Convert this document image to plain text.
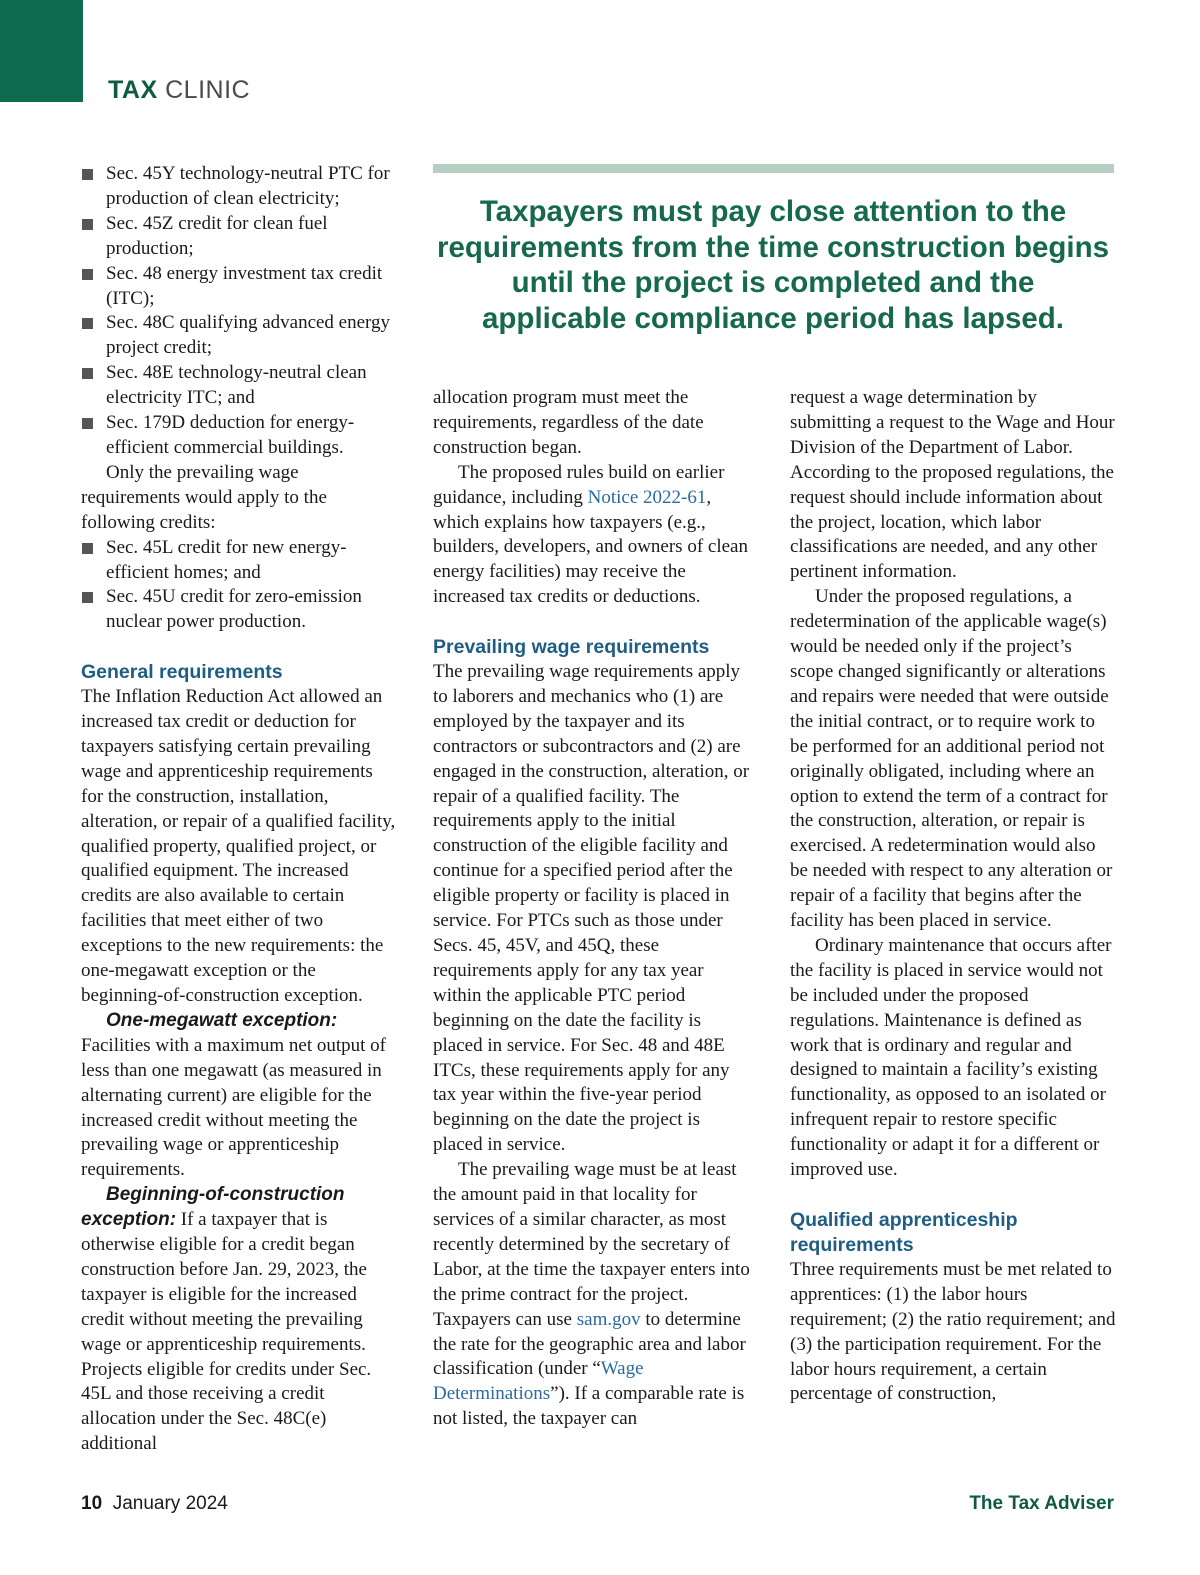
TAX CLINIC
Taxpayers must pay close attention to the requirements from the time construction begins until the project is completed and the applicable compliance period has lapsed.
Sec. 45Y technology-neutral PTC for production of clean electricity;
Sec. 45Z credit for clean fuel production;
Sec. 48 energy investment tax credit (ITC);
Sec. 48C qualifying advanced energy project credit;
Sec. 48E technology-neutral clean electricity ITC; and
Sec. 179D deduction for energy-efficient commercial buildings.

Only the prevailing wage requirements would apply to the following credits:

Sec. 45L credit for new energy-efficient homes; and
Sec. 45U credit for zero-emission nuclear power production.

General requirements

The Inflation Reduction Act allowed an increased tax credit or deduction for taxpayers satisfying certain prevailing wage and apprenticeship requirements for the construction, installation, alteration, or repair of a qualified facility, qualified property, qualified project, or qualified equipment. The increased credits are also available to certain facilities that meet either of two exceptions to the new requirements: the one-megawatt exception or the beginning-of-construction exception.

One-megawatt exception: Facilities with a maximum net output of less than one megawatt (as measured in alternating current) are eligible for the increased credit without meeting the prevailing wage or apprenticeship requirements.

Beginning-of-construction exception: If a taxpayer that is otherwise eligible for a credit began construction before Jan. 29, 2023, the taxpayer is eligible for the increased credit without meeting the prevailing wage or apprenticeship requirements. Projects eligible for credits under Sec. 45L and those receiving a credit allocation under the Sec. 48C(e) additional

allocation program must meet the requirements, regardless of the date construction began.

The proposed rules build on earlier guidance, including Notice 2022-61, which explains how taxpayers (e.g., builders, developers, and owners of clean energy facilities) may receive the increased tax credits or deductions.

Prevailing wage requirements

The prevailing wage requirements apply to laborers and mechanics who (1) are employed by the taxpayer and its contractors or subcontractors and (2) are engaged in the construction, alteration, or repair of a qualified facility. The requirements apply to the initial construction of the eligible facility and continue for a specified period after the eligible property or facility is placed in service. For PTCs such as those under Secs. 45, 45V, and 45Q, these requirements apply for any tax year within the applicable PTC period beginning on the date the facility is placed in service. For Sec. 48 and 48E ITCs, these requirements apply for any tax year within the five-year period beginning on the date the project is placed in service.

The prevailing wage must be at least the amount paid in that locality for services of a similar character, as most recently determined by the secretary of Labor, at the time the taxpayer enters into the prime contract for the project. Taxpayers can use sam.gov to determine the rate for the geographic area and labor classification (under “Wage Determinations”). If a comparable rate is not listed, the taxpayer can

request a wage determination by submitting a request to the Wage and Hour Division of the Department of Labor. According to the proposed regulations, the request should include information about the project, location, which labor classifications are needed, and any other pertinent information.

Under the proposed regulations, a redetermination of the applicable wage(s) would be needed only if the project’s scope changed significantly or alterations and repairs were needed that were outside the initial contract, or to require work to be performed for an additional period not originally obligated, including where an option to extend the term of a contract for the construction, alteration, or repair is exercised. A redetermination would also be needed with respect to any alteration or repair of a facility that begins after the facility has been placed in service.

Ordinary maintenance that occurs after the facility is placed in service would not be included under the proposed regulations. Maintenance is defined as work that is ordinary and regular and designed to maintain a facility’s existing functionality, as opposed to an isolated or infrequent repair to restore specific functionality or adapt it for a different or improved use.

Qualified apprenticeship requirements

Three requirements must be met related to apprentices: (1) the labor hours requirement; (2) the ratio requirement; and (3) the participation requirement. For the labor hours requirement, a certain percentage of construction,

10 January 2024	The Tax Adviser
